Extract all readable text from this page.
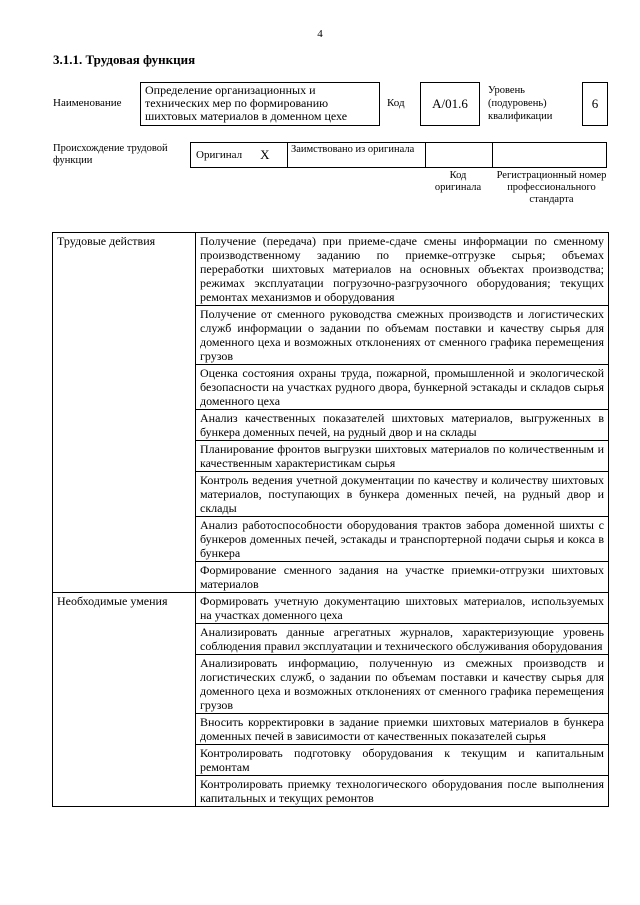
4
3.1.1. Трудовая функция
Наименование
Определение организационных и технических мер по формированию шихтовых материалов в доменном цехе
Код А/01.6
Уровень (подуровень) квалификации
6
Происхождение трудовой функции	Оригинал X	Заимствовано из оригинала
Код оригинала
Регистрационный номер профессионального стандарта
Трудовые действия	Получение (передача) при приеме-сдаче смены информации по сменному производственному заданию по приемке-отгрузке сырья; объемах переработки шихтовых материалов на основных объектах производства; режимах эксплуатации погрузочно-разгрузочного оборудования; текущих ремонтах механизмов и оборудования
	Получение от сменного руководства смежных производств и логистических служб информации о задании по объемам поставки и качеству сырья для доменного цеха и возможных отклонениях от сменного графика перемещения грузов
	Оценка состояния охраны труда, пожарной, промышленной и экологической безопасности на участках рудного двора, бункерной эстакады и складов сырья доменного цеха
	Анализ качественных показателей шихтовых материалов, выгруженных в бункера доменных печей, на рудный двор и на склады
	Планирование фронтов выгрузки шихтовых материалов по количественным и качественным характеристикам сырья
	Контроль ведения учетной документации по качеству и количеству шихтовых материалов, поступающих в бункера доменных печей, на рудный двор и склады
	Анализ работоспособности оборудования трактов забора доменной шихты с бункеров доменных печей, эстакады и транспортерной подачи сырья и кокса в бункера
	Формирование сменного задания на участке приемки-отгрузки шихтовых материалов
Необходимые умения	Формировать учетную документацию шихтовых материалов, используемых на участках доменного цеха
	Анализировать данные агрегатных журналов, характеризующие уровень соблюдения правил эксплуатации и технического обслуживания оборудования
	Анализировать информацию, полученную из смежных производств и логистических служб, о задании по объемам поставки и качеству сырья для доменного цеха и возможных отклонениях от сменного графика перемещения грузов
	Вносить корректировки в задание приемки шихтовых материалов в бункера доменных печей в зависимости от качественных показателей сырья
	Контролировать подготовку оборудования к текущим и капитальным ремонтам
	Контролировать приемку технологического оборудования после выполнения капитальных и текущих ремонтов
